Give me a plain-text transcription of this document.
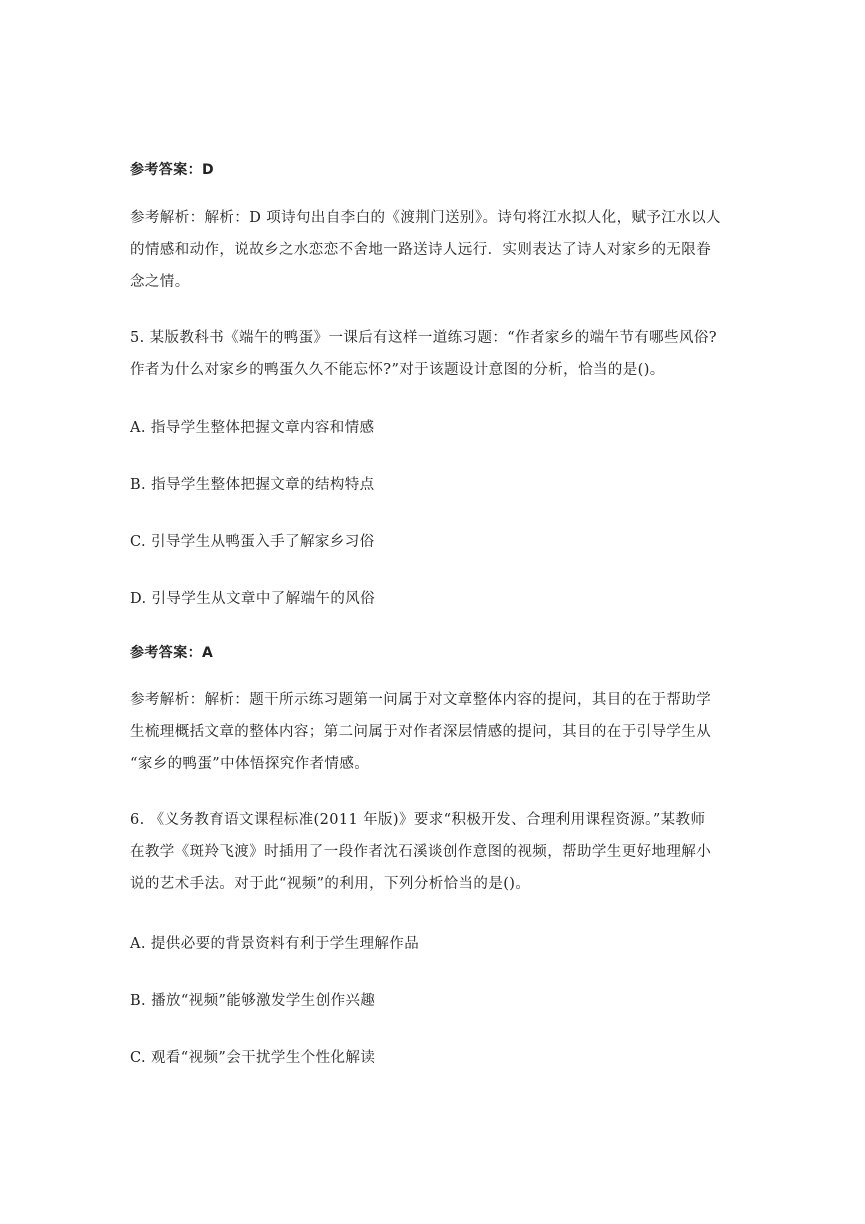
参考答案：D
参考解析：解析：D 项诗句出自李白的《渡荆门送别》。诗句将江水拟人化，赋予江水以人
的情感和动作，说故乡之水恋恋不舍地一路送诗人远行．实则表达了诗人对家乡的无限眷
念之情。
5. 某版教科书《端午的鸭蛋》一课后有这样一道练习题：“作者家乡的端午节有哪些风俗?
作者为什么对家乡的鸭蛋久久不能忘怀?”对于该题设计意图的分析，恰当的是()。
A. 指导学生整体把握文章内容和情感
B. 指导学生整体把握文章的结构特点
C. 引导学生从鸭蛋入手了解家乡习俗
D. 引导学生从文章中了解端午的风俗
参考答案：A
参考解析：解析：题干所示练习题第一问属于对文章整体内容的提问，其目的在于帮助学
生梳理概括文章的整体内容；第二问属于对作者深层情感的提问，其目的在于引导学生从
“家乡的鸭蛋”中体悟探究作者情感。
6. 《义务教育语文课程标准(2011 年版)》要求“积极开发、合理利用课程资源。”某教师
在教学《斑羚飞渡》时插用了一段作者沈石溪谈创作意图的视频，帮助学生更好地理解小
说的艺术手法。对于此“视频”的利用，下列分析恰当的是()。
A. 提供必要的背景资料有利于学生理解作品
B. 播放“视频”能够激发学生创作兴趣
C. 观看“视频”会干扰学生个性化解读
